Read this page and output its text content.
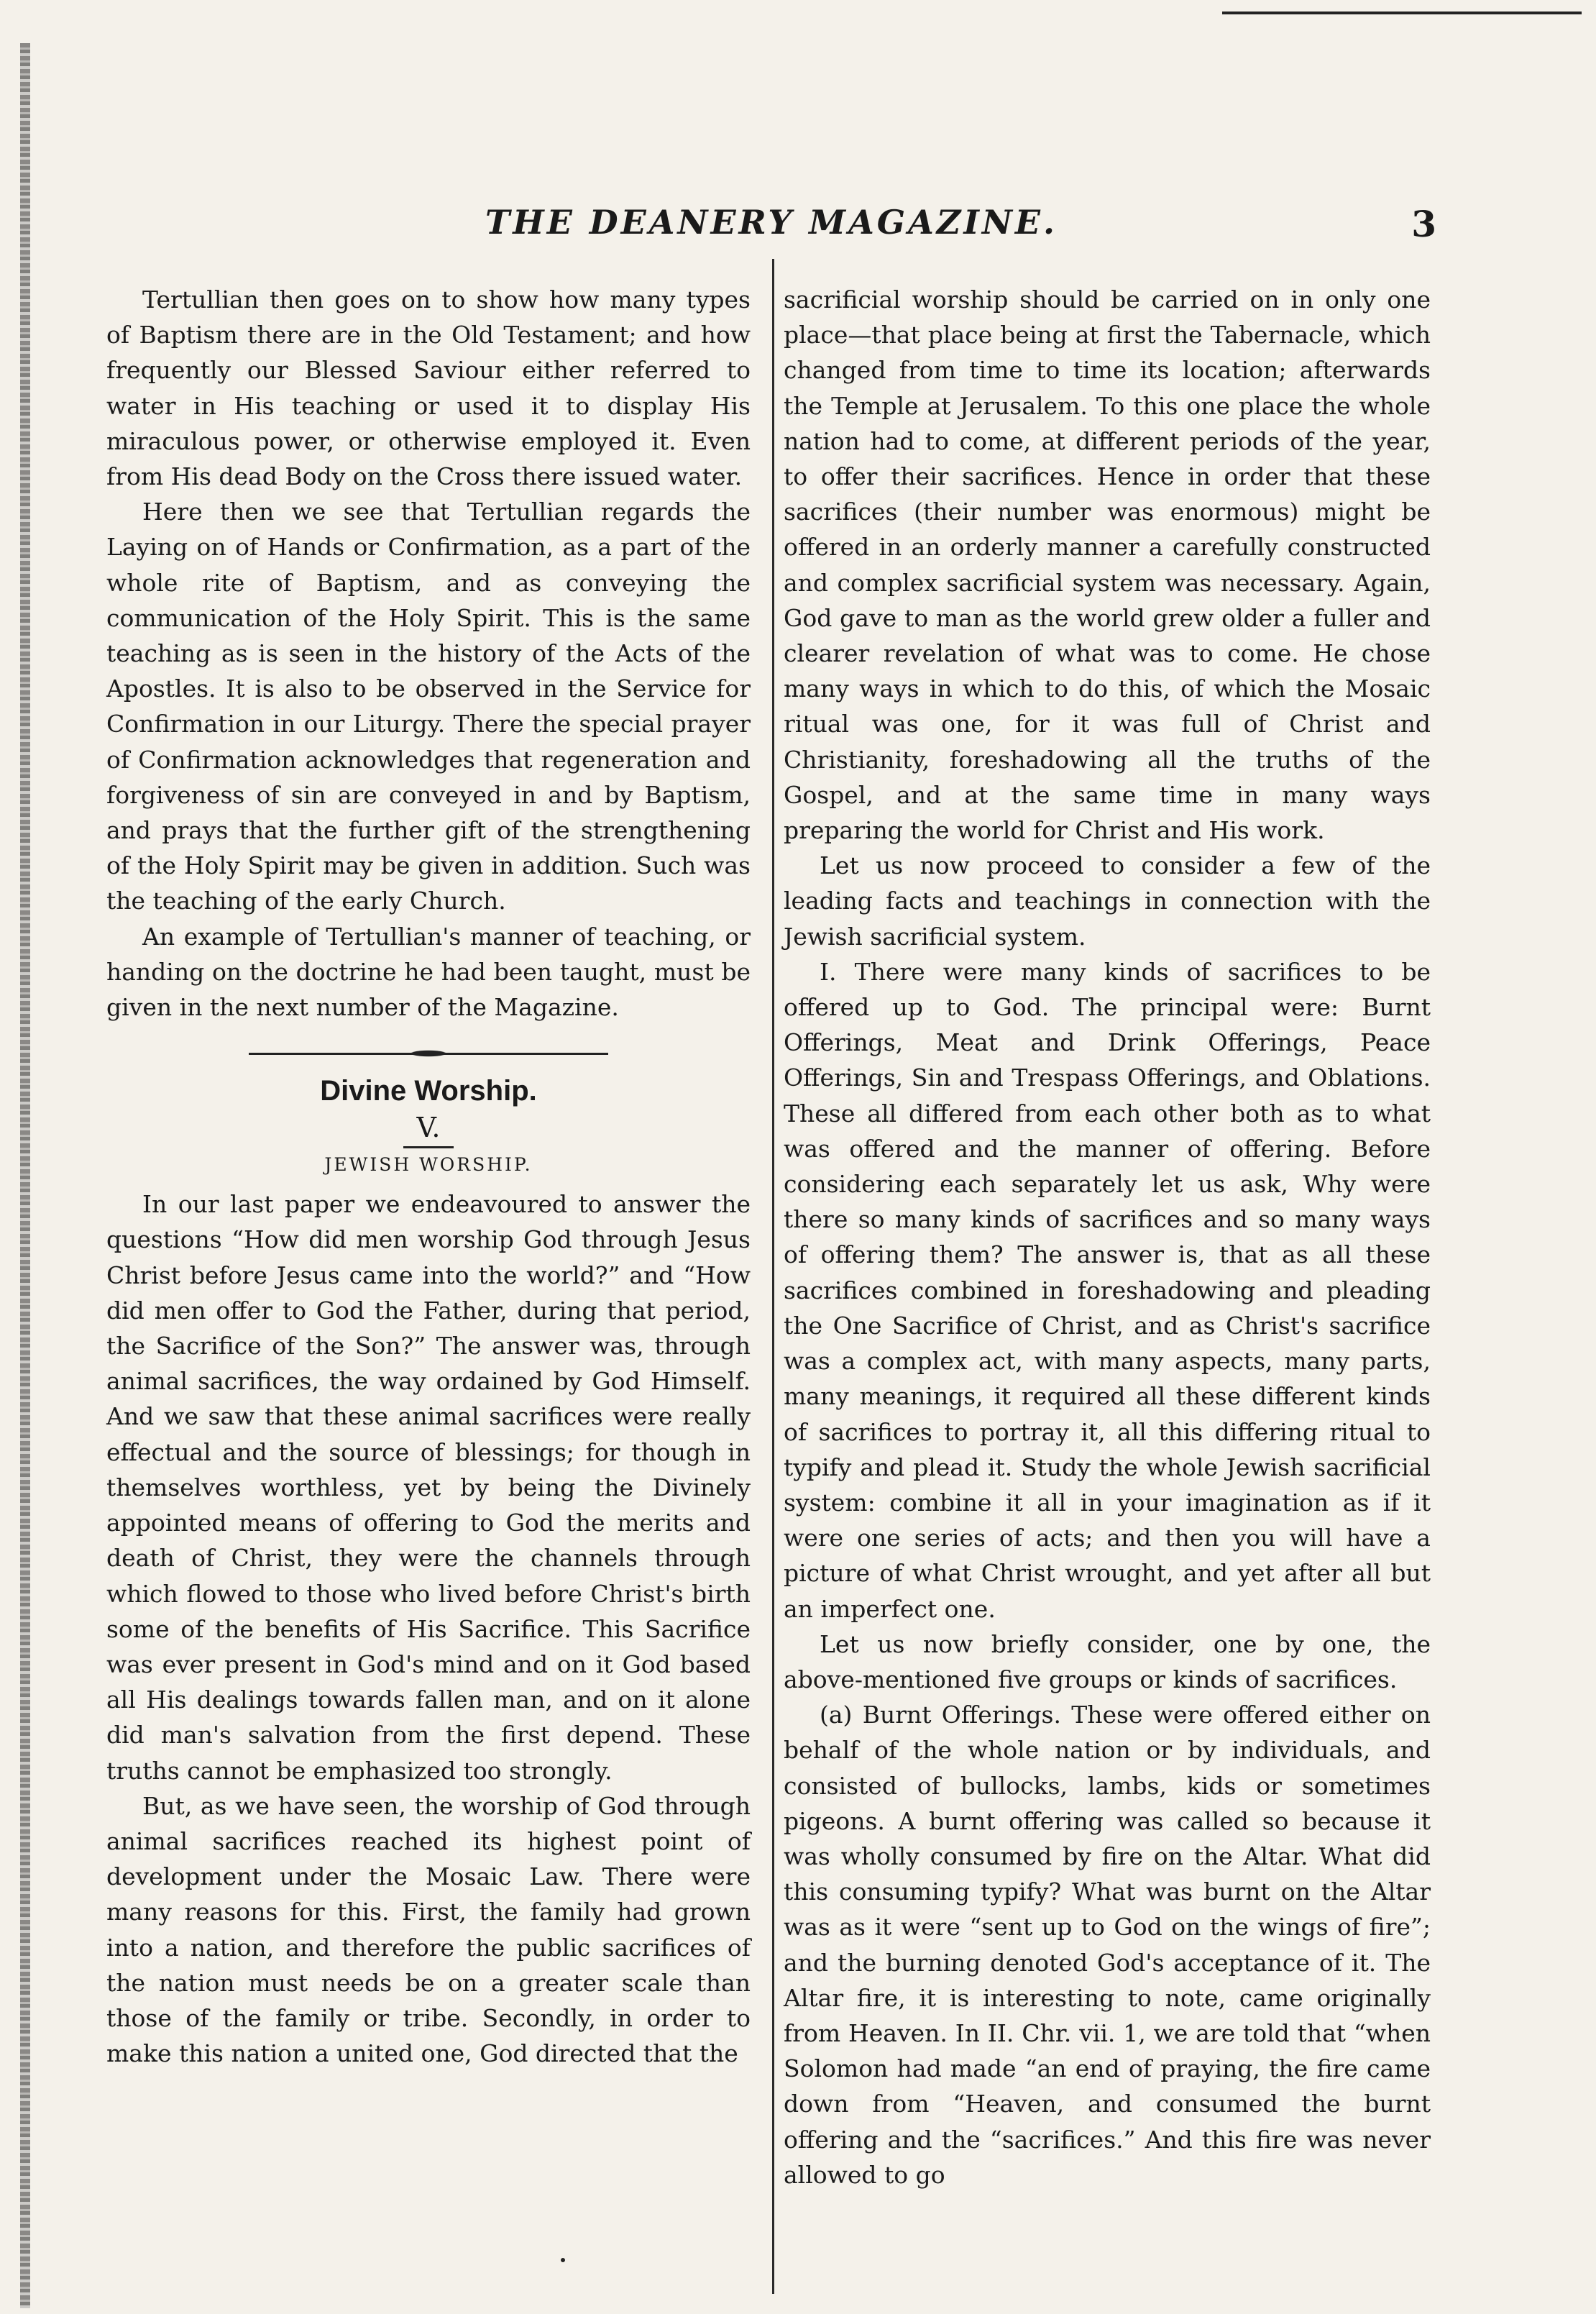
THE DEANERY MAGAZINE.	3

Tertullian then goes on to show how many types of Baptism there are in the Old Testament; and how frequently our Blessed Saviour either referred to water in His teaching or used it to display His miraculous power, or otherwise employed it. Even from His dead Body on the Cross there issued water.

Here then we see that Tertullian regards the Laying on of Hands or Confirmation, as a part of the whole rite of Baptism, and as conveying the communication of the Holy Spirit. This is the same teaching as is seen in the history of the Acts of the Apostles. It is also to be observed in the Service for Confirmation in our Liturgy. There the special prayer of Confirmation acknowledges that regeneration and forgiveness of sin are conveyed in and by Baptism, and prays that the further gift of the strengthening of the Holy Spirit may be given in addition. Such was the teaching of the early Church.

An example of Tertullian's manner of teaching, or handing on the doctrine he had been taught, must be given in the next number of the Magazine.

Divine Worship.
V.
JEWISH WORSHIP.

In our last paper we endeavoured to answer the questions “How did men worship God through Jesus Christ before Jesus came into the world?” and “How did men offer to God the Father, during that period, the Sacrifice of the Son?” The answer was, through animal sacrifices, the way ordained by God Himself. And we saw that these animal sacrifices were really effectual and the source of blessings; for though in themselves worthless, yet by being the Divinely appointed means of offering to God the merits and death of Christ, they were the channels through which flowed to those who lived before Christ's birth some of the benefits of His Sacrifice. This Sacrifice was ever present in God's mind and on it God based all His dealings towards fallen man, and on it alone did man's salvation from the first depend. These truths cannot be emphasized too strongly.

But, as we have seen, the worship of God through animal sacrifices reached its highest point of development under the Mosaic Law. There were many reasons for this. First, the family had grown into a nation, and therefore the public sacrifices of the nation must needs be on a greater scale than those of the family or tribe. Secondly, in order to make this nation a united one, God directed that the

sacrificial worship should be carried on in only one place—that place being at first the Tabernacle, which changed from time to time its location; afterwards the Temple at Jerusalem. To this one place the whole nation had to come, at different periods of the year, to offer their sacrifices. Hence in order that these sacrifices (their number was enormous) might be offered in an orderly manner a carefully constructed and complex sacrificial system was necessary. Again, God gave to man as the world grew older a fuller and clearer revelation of what was to come. He chose many ways in which to do this, of which the Mosaic ritual was one, for it was full of Christ and Christianity, foreshadowing all the truths of the Gospel, and at the same time in many ways preparing the world for Christ and His work.

Let us now proceed to consider a few of the leading facts and teachings in connection with the Jewish sacrificial system.

I. There were many kinds of sacrifices to be offered up to God. The principal were: Burnt Offerings, Meat and Drink Offerings, Peace Offerings, Sin and Trespass Offerings, and Oblations. These all differed from each other both as to what was offered and the manner of offering. Before considering each separately let us ask, Why were there so many kinds of sacrifices and so many ways of offering them? The answer is, that as all these sacrifices combined in foreshadowing and pleading the One Sacrifice of Christ, and as Christ's sacrifice was a complex act, with many aspects, many parts, many meanings, it required all these different kinds of sacrifices to portray it, all this differing ritual to typify and plead it. Study the whole Jewish sacrificial system: combine it all in your imagination as if it were one series of acts; and then you will have a picture of what Christ wrought, and yet after all but an imperfect one.

Let us now briefly consider, one by one, the above-mentioned five groups or kinds of sacrifices.

(a) Burnt Offerings. These were offered either on behalf of the whole nation or by individuals, and consisted of bullocks, lambs, kids or sometimes pigeons. A burnt offering was called so because it was wholly consumed by fire on the Altar. What did this consuming typify? What was burnt on the Altar was as it were “sent up to God on the wings of fire”; and the burning denoted God's acceptance of it. The Altar fire, it is interesting to note, came originally from Heaven. In II. Chr. vii. 1, we are told that “when Solomon had made “an end of praying, the fire came down from “Heaven, and consumed the burnt offering and the “sacrifices.” And this fire was never allowed to go
